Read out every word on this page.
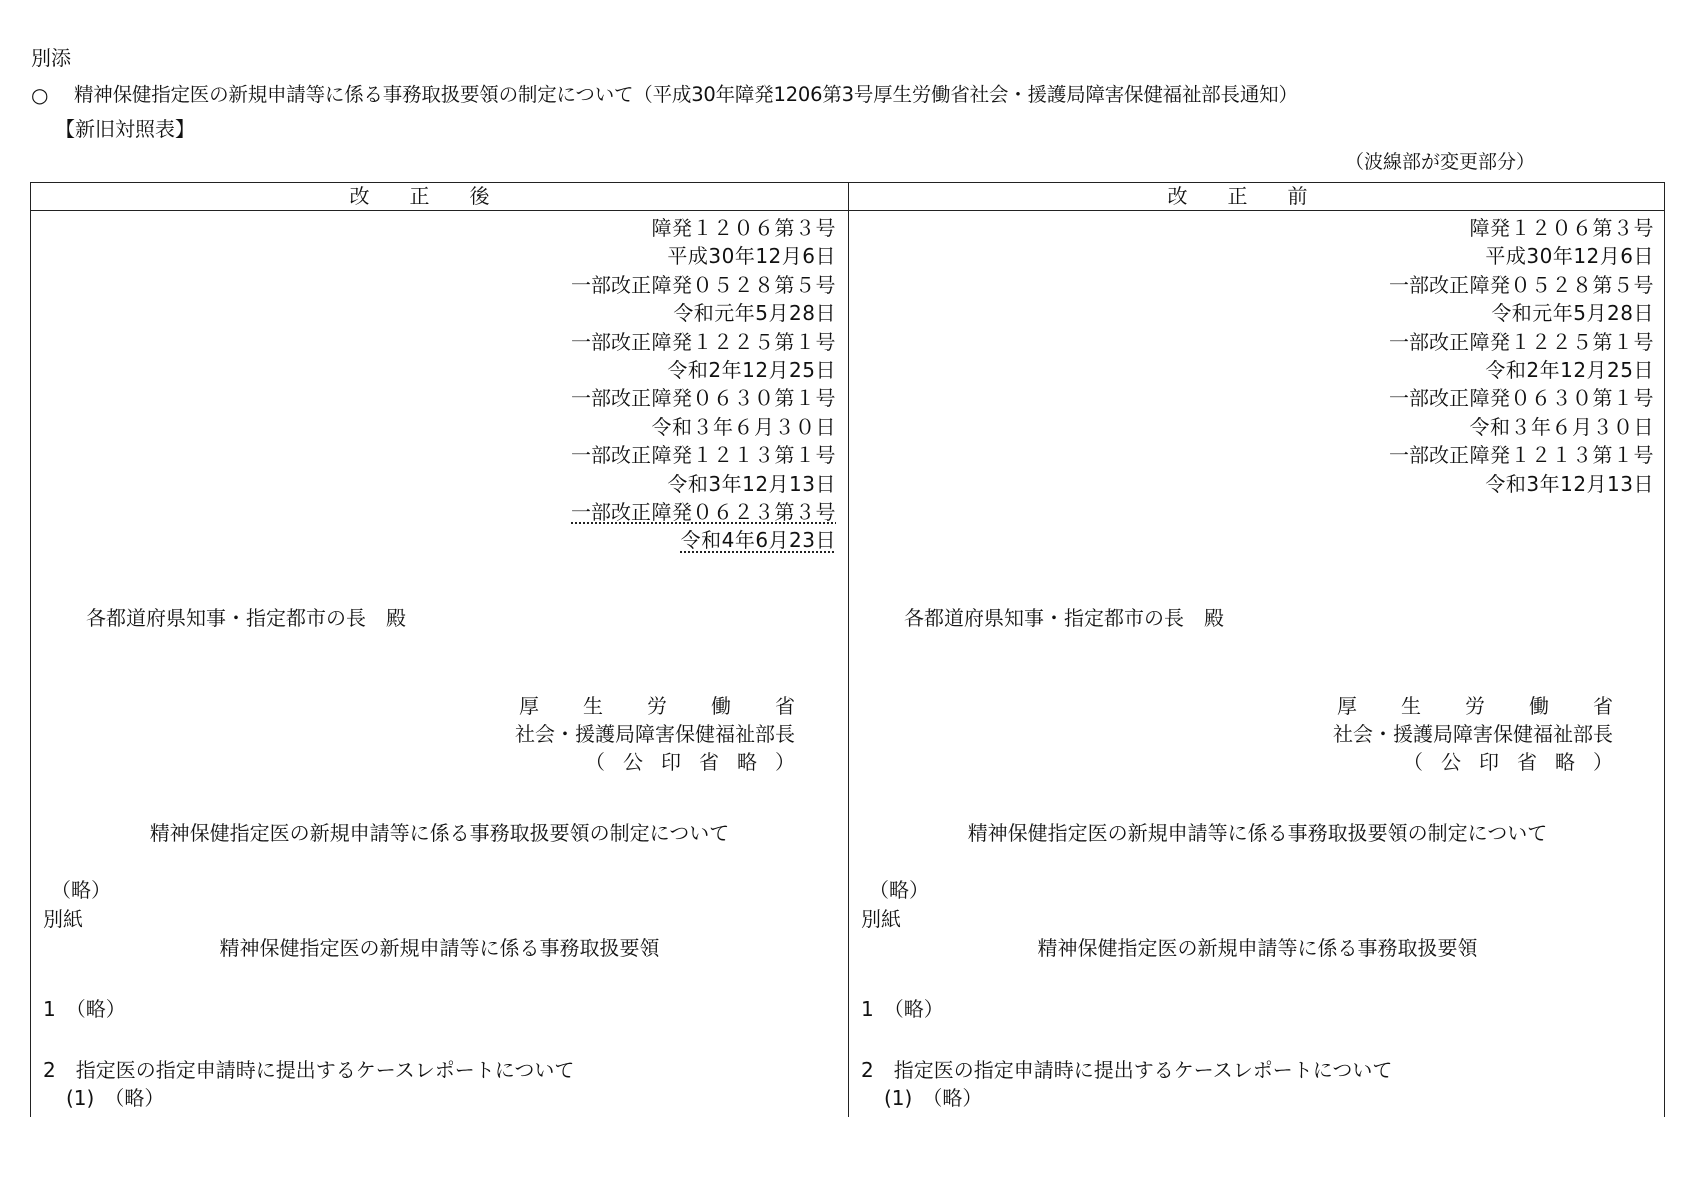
別添
○ 精神保健指定医の新規申請等に係る事務取扱要領の制定について（平成30年障発1206第3号厚生労働省社会・援護局障害保健福祉部長通知）
【新旧対照表】
（波線部が変更部分）
改正後
障発１２０６第３号
平成30年12月6日
一部改正 障発０５２８第５号
令和元年5月28日
一部改正 障発１２２５第１号
令和2年12月25日
一部改正 障発０６３０第１号
令和３年６月３０日
一部改正 障発１２１３第１号
令和3年12月13日
一部改正 障発０６２３第３号
令和4年6月23日
各都道府県知事・指定都市の長　殿
厚生労働省
社会・援護局障害保健福祉部長
（公印省略）
精神保健指定医の新規申請等に係る事務取扱要領の制定について
（略）
別紙
精神保健指定医の新規申請等に係る事務取扱要領
1　（略）
2　指定医の指定申請時に提出するケースレポートについて
(1)　（略）
改正前
障発１２０６第３号
平成30年12月6日
一部改正 障発０５２８第５号
令和元年5月28日
一部改正 障発１２２５第１号
令和2年12月25日
一部改正 障発０６３０第１号
令和３年６月３０日
一部改正 障発１２１３第１号
令和3年12月13日
各都道府県知事・指定都市の長　殿
厚生労働省
社会・援護局障害保健福祉部長
（公印省略）
精神保健指定医の新規申請等に係る事務取扱要領の制定について
（略）
別紙
精神保健指定医の新規申請等に係る事務取扱要領
1　（略）
2　指定医の指定申請時に提出するケースレポートについて
(1)　（略）
